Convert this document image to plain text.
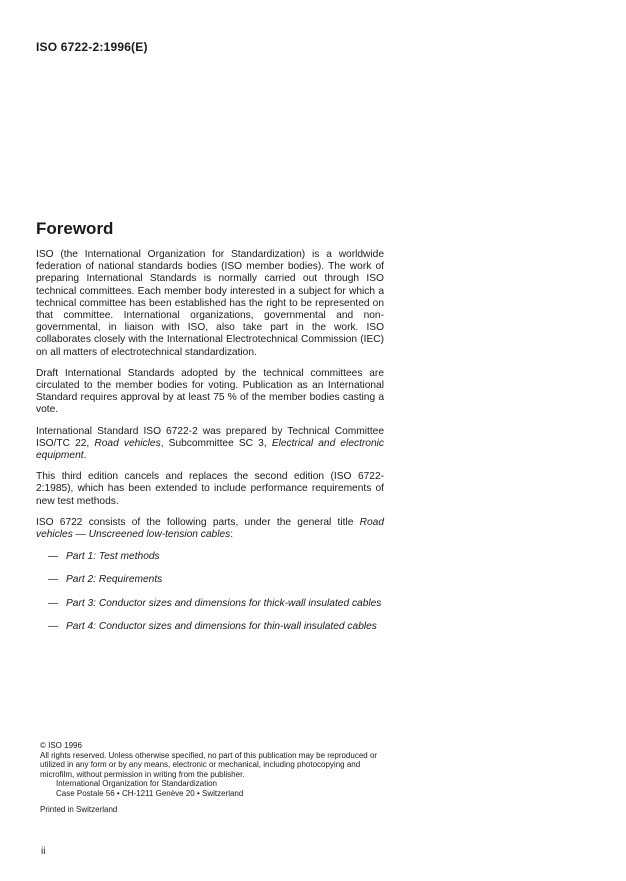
ISO 6722-2:1996(E)
Foreword

ISO (the International Organization for Standardization) is a worldwide federation of national standards bodies (ISO member bodies). The work of preparing International Standards is normally carried out through ISO technical committees. Each member body interested in a subject for which a technical committee has been established has the right to be represented on that committee. International organizations, governmental and non-governmental, in liaison with ISO, also take part in the work. ISO collaborates closely with the International Electrotechnical Commission (IEC) on all matters of electrotechnical standardization.

Draft International Standards adopted by the technical committees are circulated to the member bodies for voting. Publication as an International Standard requires approval by at least 75 % of the member bodies casting a vote.

International Standard ISO 6722-2 was prepared by Technical Committee ISO/TC 22, Road vehicles, Subcommittee SC 3, Electrical and electronic equipment.

This third edition cancels and replaces the second edition (ISO 6722-2:1985), which has been extended to include performance requirements of new test methods.

ISO 6722 consists of the following parts, under the general title Road vehicles — Unscreened low-tension cables:

— Part 1: Test methods
— Part 2: Requirements
— Part 3: Conductor sizes and dimensions for thick-wall insulated cables
— Part 4: Conductor sizes and dimensions for thin-wall insulated cables
© ISO 1996
All rights reserved. Unless otherwise specified, no part of this publication may be reproduced or utilized in any form or by any means, electronic or mechanical, including photocopying and microfilm, without permission in writing from the publisher.
International Organization for Standardization
Case Postale 56 • CH-1211 Genève 20 • Switzerland
Printed in Switzerland
ii
